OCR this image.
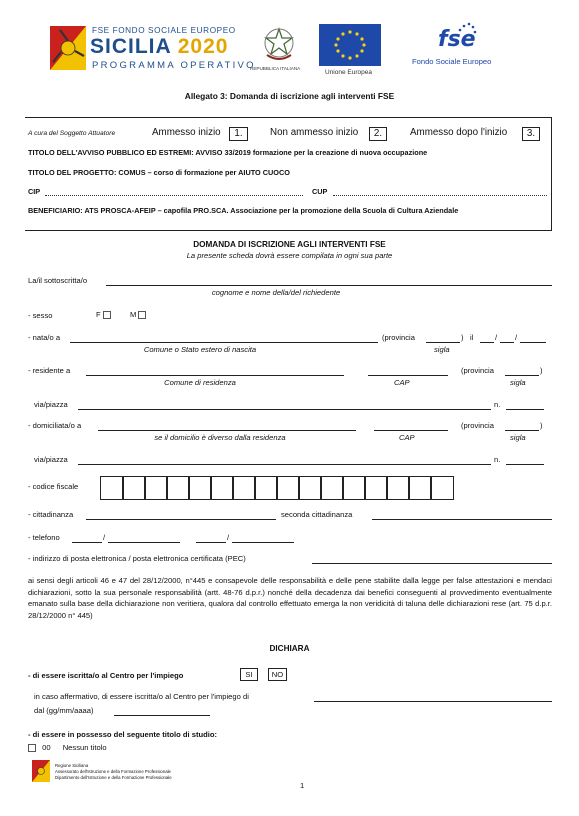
FSE FONDO SOCIALE EUROPEO
SICILIA 2020
PROGRAMMA OPERATIVO
REPUBBLICA ITALIANA
Unione Europea
fse
Fondo Sociale Europeo
Allegato 3: Domanda di iscrizione agli interventi FSE
A cura del Soggetto Attuatore	Ammesso inizio	1.	Non ammesso inizio	2.	Ammesso dopo l'inizio	3.
TITOLO DELL'AVVISO PUBBLICO ED ESTREMI: AVVISO 33/2019 formazione per la creazione di nuova occupazione
TITOLO DEL PROGETTO: COMUS – corso di formazione per AIUTO CUOCO
CIP	CUP
BENEFICIARIO: ATS PROSCA-AFEIP – capofila PRO.SCA. Associazione per la promozione della Scuola di Cultura Aziendale
DOMANDA DI ISCRIZIONE AGLI INTERVENTI FSE
La presente scheda dovrà essere compilata in ogni sua parte
La/il sottoscritta/o
cognome e nome della/del richiedente
- sesso	F	M
- nata/o a
Comune o Stato estero di nascita
(provincia	) il	/ /
sigla
- residente a
Comune di residenza	CAP
(provincia	)
sigla
via/piazza	n.
- domiciliata/o a
se il domicilio è diverso dalla residenza	CAP
(provincia	)
sigla
via/piazza	n.
- codice fiscale
- cittadinanza	seconda cittadinanza
- telefono	/	/
- indirizzo di posta elettronica / posta elettronica certificata (PEC)
ai sensi degli articoli 46 e 47 del 28/12/2000, n°445 e consapevole delle responsabilità e delle pene stabilite dalla legge per false attestazioni e mendaci dichiarazioni, sotto la sua personale responsabilità (artt. 48-76 d.p.r.) nonché della decadenza dai benefici conseguenti al provvedimento eventualmente emanato sulla base della dichiarazione non veritiera, qualora dal controllo effettuato emerga la non veridicità di taluna delle dichiarazioni rese (art. 75 d.p.r. 28/12/2000 n° 445)
DICHIARA
- di essere iscritta/o al Centro per l'impiego	SI	NO
in caso affermativo, di essere iscritta/o al Centro per l'impiego di
dal (gg/mm/aaaa)
- di essere in possesso del seguente titolo di studio:
00 Nessun titolo
Regione Siciliana
Assessorato dell'Istruzione e della Formazione Professionale
Dipartimento dell'Istruzione e della Formazione Professionale
1
